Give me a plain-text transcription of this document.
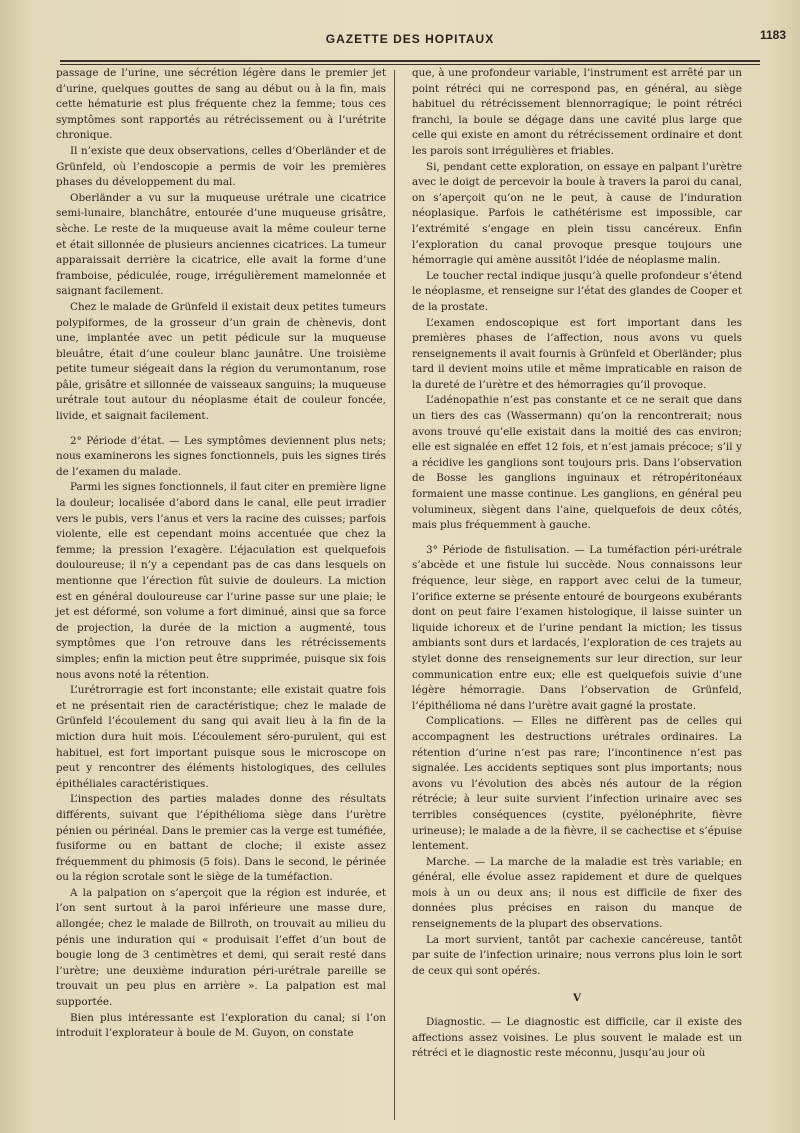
GAZETTE DES HOPITAUX	1183

passage de l’urine, une sécrétion légère dans le premier jet d’urine, quelques gouttes de sang au début ou à la fin, mais cette hématurie est plus fréquente chez la femme; tous ces symptômes sont rapportés au rétrécissement ou à l’urétrite chronique.

Il n’existe que deux observations, celles d’Oberländer et de Grünfeld, où l’endoscopie a permis de voir les premières phases du développement du mal.

Oberländer a vu sur la muqueuse urétrale une cicatrice semi-lunaire, blanchâtre, entourée d’une muqueuse grisâtre, sèche. Le reste de la muqueuse avait la même couleur terne et était sillonnée de plusieurs anciennes cicatrices. La tumeur apparaissait derrière la cicatrice, elle avait la forme d’une framboise, pédiculée, rouge, irrégulièrement mamelonnée et saignant facilement.

Chez le malade de Grünfeld il existait deux petites tumeurs polypiformes, de la grosseur d’un grain de chènevis, dont une, implantée avec un petit pédicule sur la muqueuse bleuâtre, était d’une couleur blanc jaunâtre. Une troisième petite tumeur siégeait dans la région du verumontanum, rose pâle, grisâtre et sillonnée de vaisseaux sanguins; la muqueuse urétrale tout autour du néoplasme était de couleur foncée, livide, et saignait facilement.

2° Période d’état. — Les symptômes deviennent plus nets; nous examinerons les signes fonctionnels, puis les signes tirés de l’examen du malade.

Parmi les signes fonctionnels, il faut citer en première ligne la douleur; localisée d’abord dans le canal, elle peut irradier vers le pubis, vers l’anus et vers la racine des cuisses; parfois violente, elle est cependant moins accentuée que chez la femme; la pression l’exagère. L’éjaculation est quelquefois douloureuse; il n’y a cependant pas de cas dans lesquels on mentionne que l’érection fût suivie de douleurs. La miction est en général douloureuse car l’urine passe sur une plaie; le jet est déformé, son volume a fort diminué, ainsi que sa force de projection, la durée de la miction a augmenté, tous symptômes que l’on retrouve dans les rétrécissements simples; enfin la miction peut être supprimée, puisque six fois nous avons noté la rétention.

L’urétrorragie est fort inconstante; elle existait quatre fois et ne présentait rien de caractéristique; chez le malade de Grünfeld l’écoulement du sang qui avait lieu à la fin de la miction dura huit mois. L’écoulement séro-purulent, qui est habituel, est fort important puisque sous le microscope on peut y rencontrer des éléments histologiques, des cellules épithéliales caractéristiques.

L’inspection des parties malades donne des résultats différents, suivant que l’épithélioma siège dans l’urètre pénien ou périnéal. Dans le premier cas la verge est tuméfiée, fusiforme ou en battant de cloche; il existe assez fréquemment du phimosis (5 fois). Dans le second, le périnée ou la région scrotale sont le siège de la tuméfaction.

A la palpation on s’aperçoit que la région est indurée, et l’on sent surtout à la paroi inférieure une masse dure, allongée; chez le malade de Billroth, on trouvait au milieu du pénis une induration qui « produisait l’effet d’un bout de bougie long de 3 centimètres et demi, qui serait resté dans l’urètre; une deuxième induration péri-urétrale pareille se trouvait un peu plus en arrière ». La palpation est mal supportée.

Bien plus intéressante est l’exploration du canal; si l’on introduit l’explorateur à boule de M. Guyon, on constate

que, à une profondeur variable, l’instrument est arrêté par un point rétréci qui ne correspond pas, en général, au siège habituel du rétrécissement blennorragique; le point rétréci franchi, la boule se dégage dans une cavité plus large que celle qui existe en amont du rétrécissement ordinaire et dont les parois sont irrégulières et friables.

Si, pendant cette exploration, on essaye en palpant l’urètre avec le doigt de percevoir la boule à travers la paroi du canal, on s’aperçoit qu’on ne le peut, à cause de l’induration néoplasique. Parfois le cathétérisme est impossible, car l’extrémité s’engage en plein tissu cancéreux. Enfin l’exploration du canal provoque presque toujours une hémorragie qui amène aussitôt l’idée de néoplasme malin.

Le toucher rectal indique jusqu’à quelle profondeur s’étend le néoplasme, et renseigne sur l’état des glandes de Cooper et de la prostate.

L’examen endoscopique est fort important dans les premières phases de l’affection, nous avons vu quels renseignements il avait fournis à Grünfeld et Oberländer; plus tard il devient moins utile et même impraticable en raison de la dureté de l’urètre et des hémorragies qu’il provoque.

L’adénopathie n’est pas constante et ce ne serait que dans un tiers des cas (Wassermann) qu’on la rencontrerait; nous avons trouvé qu’elle existait dans la moitié des cas environ; elle est signalée en effet 12 fois, et n’est jamais précoce; s’il y a récidive les ganglions sont toujours pris. Dans l’observation de Bosse les ganglions inguinaux et rétropéritonéaux formaient une masse continue. Les ganglions, en général peu volumineux, siègent dans l’aine, quelquefois de deux côtés, mais plus fréquemment à gauche.

3° Période de fistulisation. — La tuméfaction péri-urétrale s’abcède et une fistule lui succède. Nous connaissons leur fréquence, leur siège, en rapport avec celui de la tumeur, l’orifice externe se présente entouré de bourgeons exubérants dont on peut faire l’examen histologique, il laisse suinter un liquide ichoreux et de l’urine pendant la miction; les tissus ambiants sont durs et lardacés, l’exploration de ces trajets au stylet donne des renseignements sur leur direction, sur leur communication entre eux; elle est quelquefois suivie d’une légère hémorragie. Dans l’observation de Grünfeld, l’épithélioma né dans l’urètre avait gagné la prostate.

Complications. — Elles ne diffèrent pas de celles qui accompagnent les destructions urétrales ordinaires. La rétention d’urine n’est pas rare; l’incontinence n’est pas signalée. Les accidents septiques sont plus importants; nous avons vu l’évolution des abcès nés autour de la région rétrécie; à leur suite survient l’infection urinaire avec ses terribles conséquences (cystite, pyélonéphrite, fièvre urineuse); le malade a de la fièvre, il se cachectise et s’épuise lentement.

Marche. — La marche de la maladie est très variable; en général, elle évolue assez rapidement et dure de quelques mois à un ou deux ans; il nous est difficile de fixer des données plus précises en raison du manque de renseignements de la plupart des observations.

La mort survient, tantôt par cachexie cancéreuse, tantôt par suite de l’infection urinaire; nous verrons plus loin le sort de ceux qui sont opérés.

V

Diagnostic. — Le diagnostic est difficile, car il existe des affections assez voisines. Le plus souvent le malade est un rétréci et le diagnostic reste méconnu, jusqu’au jour où
